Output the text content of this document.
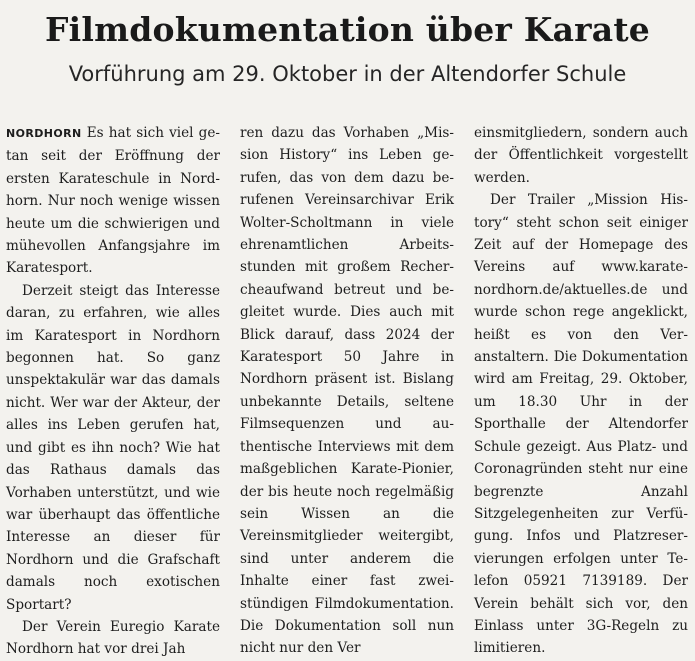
Filmdokumentation über Karate
Vorführung am 29. Oktober in der Altendorfer Schule

NORDHORN Es hat sich viel getan seit der Eröffnung der ersten Karateschule in Nordhorn. Nur noch wenige wissen heute um die schwierigen und mühevollen Anfangsjahre im Karatesport.

Derzeit steigt das Interesse daran, zu erfahren, wie alles im Karatesport in Nordhorn begonnen hat. So ganz unspektakulär war das damals nicht. Wer war der Akteur, der alles ins Leben gerufen hat, und gibt es ihn noch? Wie hat das Rathaus damals das Vorhaben unterstützt, und wie war überhaupt das öffentliche Interesse an dieser für Nordhorn und die Grafschaft damals noch exotischen Sportart?

Der Verein Euregio Karate Nordhorn hat vor drei Jah

ren dazu das Vorhaben „Mission History“ ins Leben gerufen, das von dem dazu berufenen Vereinsarchivar Erik Wolter-Scholtmann in viele ehrenamtlichen Arbeitsstunden mit großem Rechercheaufwand betreut und begleitet wurde. Dies auch mit Blick darauf, dass 2024 der Karatesport 50 Jahre in Nordhorn präsent ist. Bislang unbekannte Details, seltene Filmsequenzen und authentische Interviews mit dem maßgeblichen Karate-Pionier, der bis heute noch regelmäßig sein Wissen an die Vereinsmitglieder weitergibt, sind unter anderem die Inhalte einer fast zweistündigen Filmdokumentation. Die Dokumentation soll nun nicht nur den Ver

einsmitgliedern, sondern auch der Öffentlichkeit vorgestellt werden.

Der Trailer „Mission History“ steht schon seit einiger Zeit auf der Homepage des Vereins auf www.karatenordhorn.de/aktuelles.de und wurde schon rege angeklickt, heißt es von den Veranstaltern. Die Dokumentation wird am Freitag, 29. Oktober, um 18.30 Uhr in der Sporthalle der Altendorfer Schule gezeigt. Aus Platz- und Coronagründen steht nur eine begrenzte Anzahl Sitzgelegenheiten zur Verfügung. Infos und Platzreservierungen erfolgen unter Telefon 05921 7139189. Der Verein behält sich vor, den Einlass unter 3G-Regeln zu limitieren.
